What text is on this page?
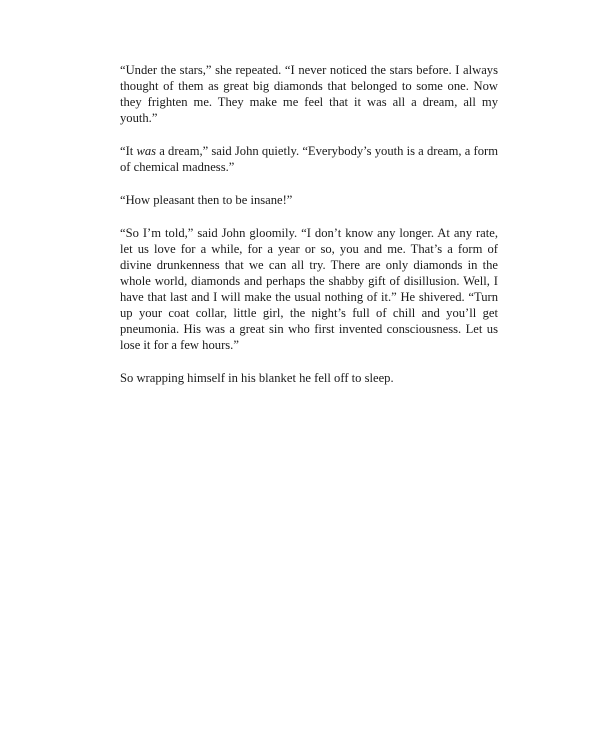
“Under the stars,” she repeated. “I never noticed the stars before. I always thought of them as great big diamonds that belonged to some one. Now they frighten me. They make me feel that it was all a dream, all my youth.”

“It was a dream,” said John quietly. “Everybody’s youth is a dream, a form of chemical madness.”

“How pleasant then to be insane!”

“So I’m told,” said John gloomily. “I don’t know any longer. At any rate, let us love for a while, for a year or so, you and me. That’s a form of divine drunkenness that we can all try. There are only diamonds in the whole world, diamonds and perhaps the shabby gift of disillusion. Well, I have that last and I will make the usual nothing of it.” He shivered. “Turn up your coat collar, little girl, the night’s full of chill and you’ll get pneumonia. His was a great sin who first invented consciousness. Let us lose it for a few hours.”

So wrapping himself in his blanket he fell off to sleep.
